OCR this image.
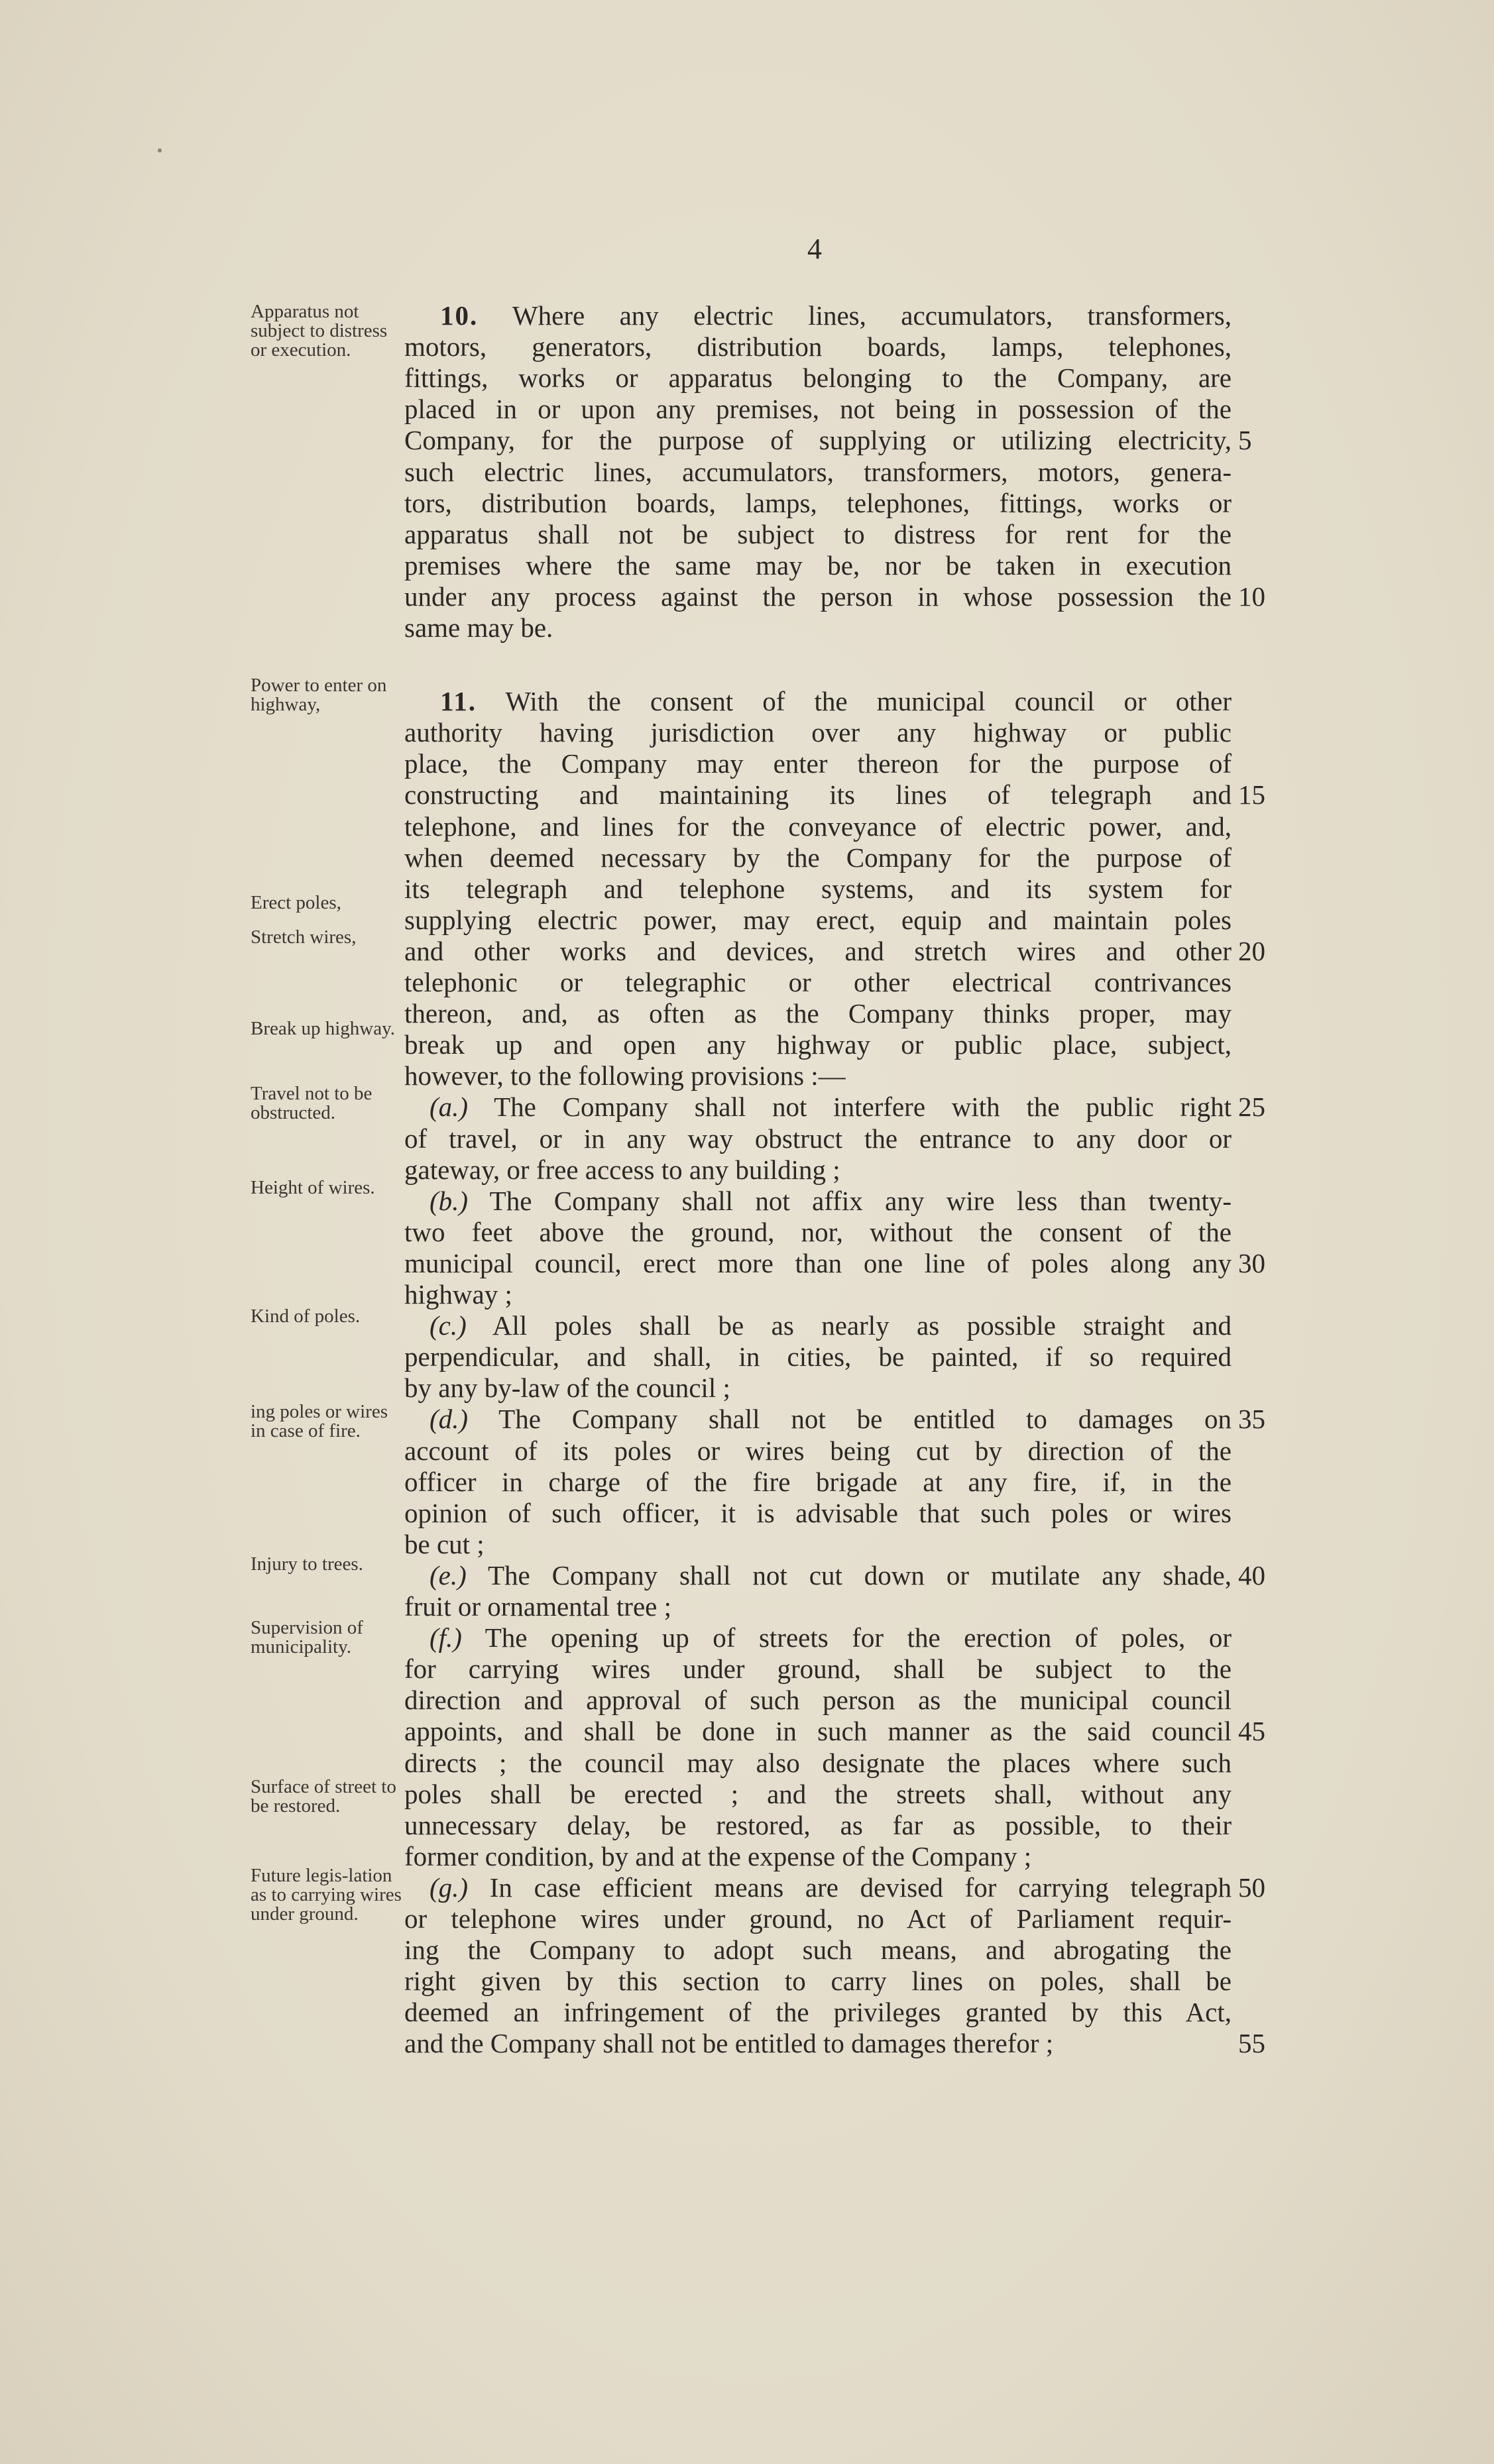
4
Apparatus not subject to distress or execution.
Power to enter on highway,
Erect poles,
Stretch wires,
Break up highway.
Travel not to be obstructed.
Height of wires.
Kind of poles.
ing poles or wires in case of fire.
Injury to trees.
Supervision of municipality.
Surface of street to be restored.
Future legis-lation as to carrying wires under ground.
10. Where any electric lines, accumulators, transformers,
motors, generators, distribution boards, lamps, telephones,
fittings, works or apparatus belonging to the Company, are
placed in or upon any premises, not being in possession of the
Company, for the purpose of supplying or utilizing electricity, 5
such electric lines, accumulators, transformers, motors, genera-
tors, distribution boards, lamps, telephones, fittings, works or
apparatus shall not be subject to distress for rent for the
premises where the same may be, nor be taken in execution
under any process against the person in whose possession the 10
same may be.
11. With the consent of the municipal council or other
authority having jurisdiction over any highway or public
place, the Company may enter thereon for the purpose of
constructing and maintaining its lines of telegraph and 15
telephone, and lines for the conveyance of electric power, and,
when deemed necessary by the Company for the purpose of
its telegraph and telephone systems, and its system for
supplying electric power, may erect, equip and maintain poles
and other works and devices, and stretch wires and other 20
telephonic or telegraphic or other electrical contrivances
thereon, and, as often as the Company thinks proper, may
break up and open any highway or public place, subject,
however, to the following provisions :—
(a.) The Company shall not interfere with the public right 25
of travel, or in any way obstruct the entrance to any door or
gateway, or free access to any building ;
(b.) The Company shall not affix any wire less than twenty-
two feet above the ground, nor, without the consent of the
municipal council, erect more than one line of poles along any 30
highway ;
(c.) All poles shall be as nearly as possible straight and
perpendicular, and shall, in cities, be painted, if so required
by any by-law of the council ;
(d.) The Company shall not be entitled to damages on 35
account of its poles or wires being cut by direction of the
officer in charge of the fire brigade at any fire, if, in the
opinion of such officer, it is advisable that such poles or wires
be cut ;
(e.) The Company shall not cut down or mutilate any shade, 40
fruit or ornamental tree ;
(f.) The opening up of streets for the erection of poles, or
for carrying wires under ground, shall be subject to the
direction and approval of such person as the municipal council
appoints, and shall be done in such manner as the said council 45
directs ; the council may also designate the places where such
poles shall be erected ; and the streets shall, without any
unnecessary delay, be restored, as far as possible, to their
former condition, by and at the expense of the Company ;
(g.) In case efficient means are devised for carrying telegraph 50
or telephone wires under ground, no Act of Parliament requir-
ing the Company to adopt such means, and abrogating the
right given by this section to carry lines on poles, shall be
deemed an infringement of the privileges granted by this Act,
and the Company shall not be entitled to damages therefor ;	55
